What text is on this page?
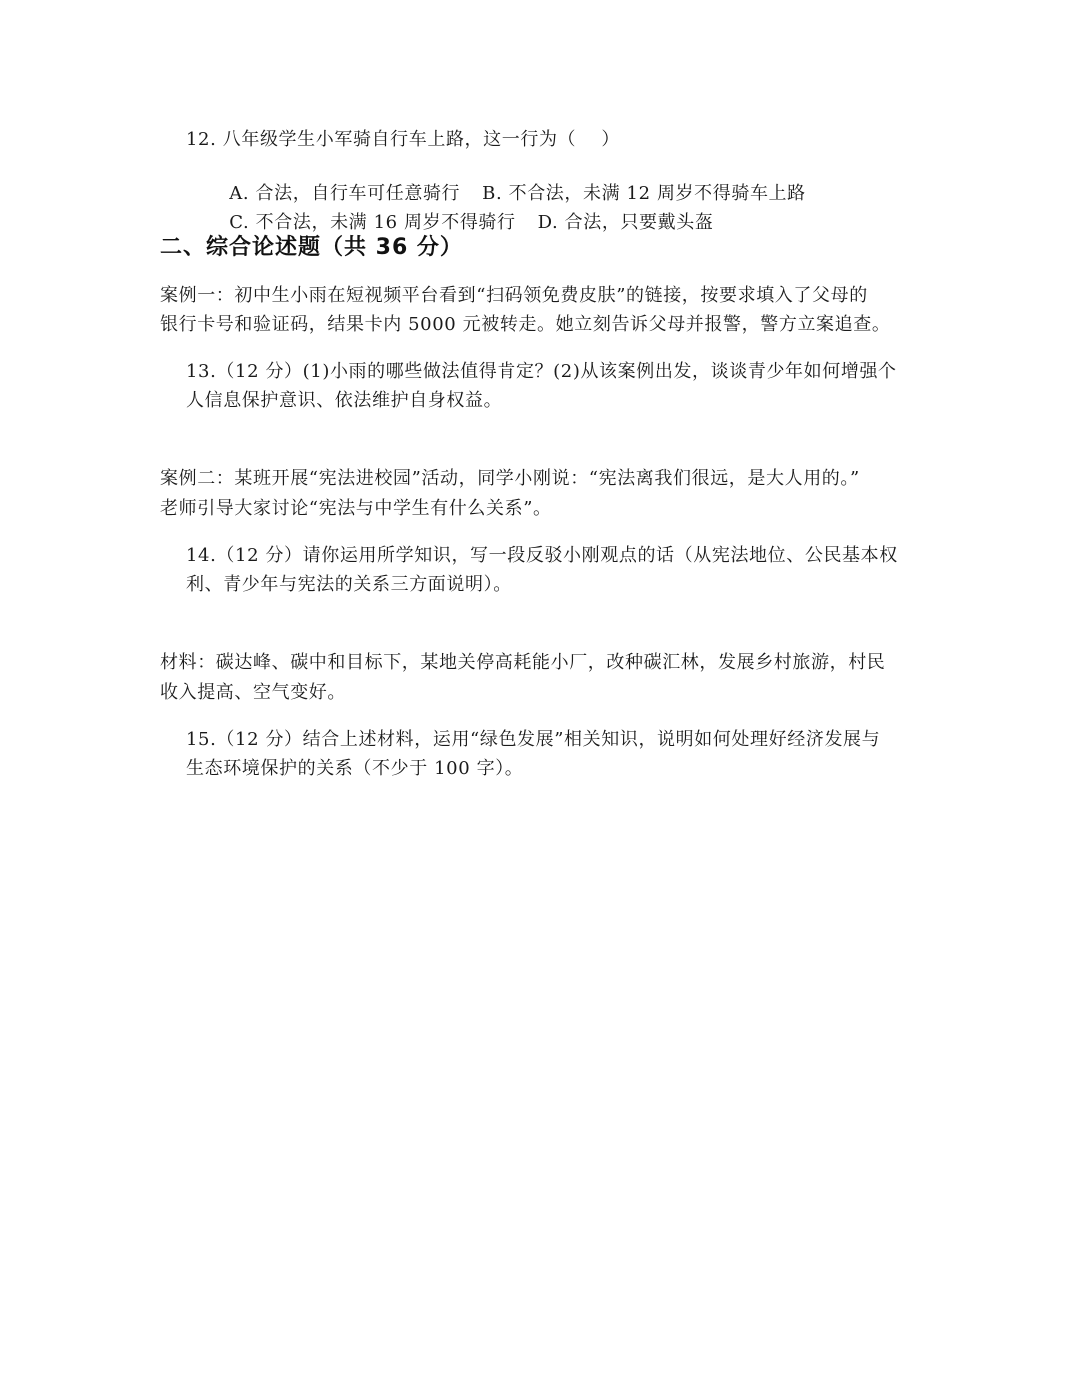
12. 八年级学生小军骑自行车上路，这一行为（    ）

A. 合法，自行车可任意骑行 B. 不合法，未满 12 周岁不得骑车上路

C. 不合法，未满 16 周岁不得骑行 D. 合法，只要戴头盔

二、综合论述题（共 36 分）
案例一：初中生小雨在短视频平台看到“扫码领免费皮肤”的链接，按要求填入了父母的
银行卡号和验证码，结果卡内 5000 元被转走。她立刻告诉父母并报警，警方立案追查。
13.（12 分）(1)小雨的哪些做法值得肯定？(2)从该案例出发，谈谈青少年如何增强个
人信息保护意识、依法维护自身权益。
案例二：某班开展“宪法进校园”活动，同学小刚说：“宪法离我们很远，是大人用的。”
老师引导大家讨论“宪法与中学生有什么关系”。
14.（12 分）请你运用所学知识，写一段反驳小刚观点的话（从宪法地位、公民基本权
利、青少年与宪法的关系三方面说明）。
材料：碳达峰、碳中和目标下，某地关停高耗能小厂，改种碳汇林，发展乡村旅游，村民
收入提高、空气变好。
15.（12 分）结合上述材料，运用“绿色发展”相关知识，说明如何处理好经济发展与
生态环境保护的关系（不少于 100 字）。
